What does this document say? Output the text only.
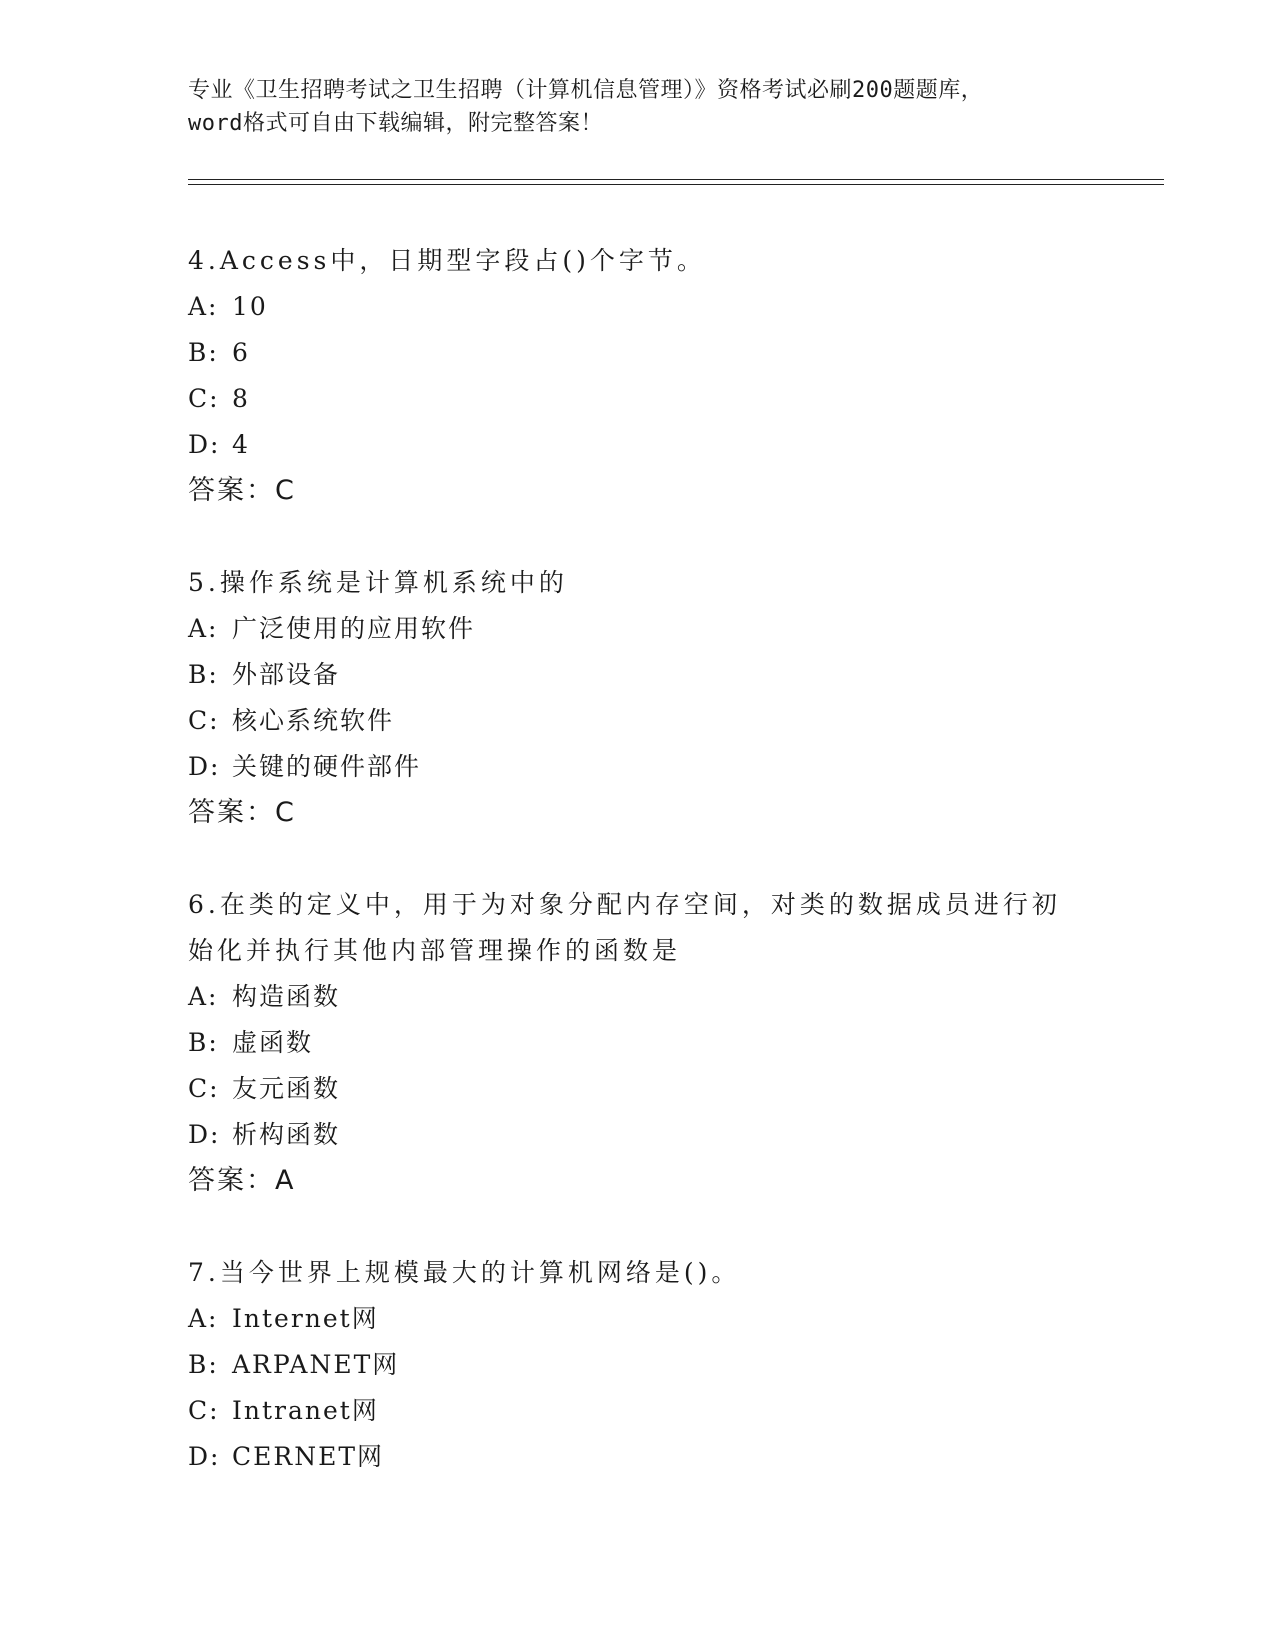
专业《卫生招聘考试之卫生招聘（计算机信息管理）》资格考试必刷200题题库，
word格式可自由下载编辑，附完整答案！
4.Access中，日期型字段占()个字节。
A: 10
B: 6
C: 8
D: 4
答案：C
5.操作系统是计算机系统中的
A: 广泛使用的应用软件
B: 外部设备
C: 核心系统软件
D: 关键的硬件部件
答案：C
6.在类的定义中，用于为对象分配内存空间，对类的数据成员进行初始化并执行其他内部管理操作的函数是
A: 构造函数
B: 虚函数
C: 友元函数
D: 析构函数
答案：A
7.当今世界上规模最大的计算机网络是()。
A: Internet网
B: ARPANET网
C: Intranet网
D: CERNET网
